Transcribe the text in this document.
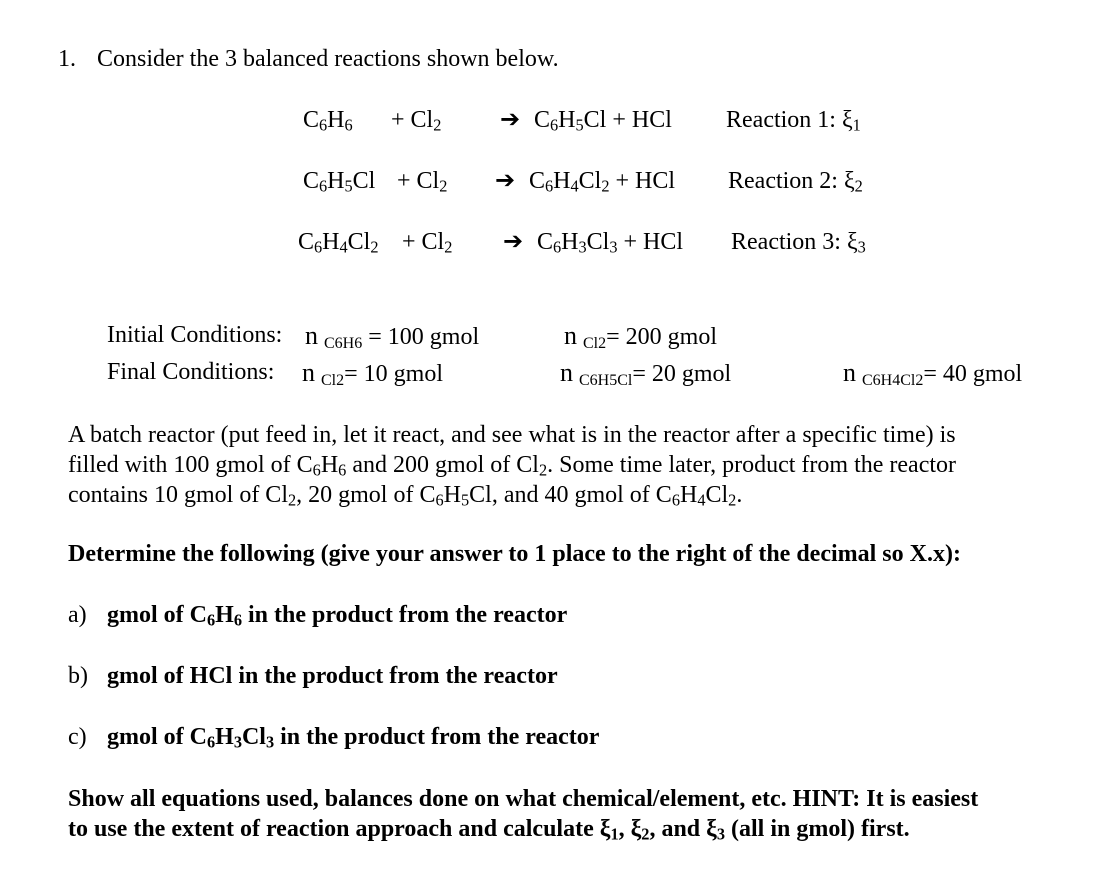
1. Consider the 3 balanced reactions shown below.
$C_6H_6 + Cl_2$ ➔ $C_6H_5Cl$ + HCl Reaction 1: $\xi_1$
$C_6H_5Cl + Cl_2$ ➔ $C_6H_4Cl_2$ + HCl Reaction 2: $\xi_2$
$C_6H_4Cl_2 + Cl_2$ ➔ $C_6H_3Cl_3$ + HCl Reaction 3: $\xi_3$
Initial Conditions: n C6H6 = 100 gmol	n Cl2= 200 gmol
Final Conditions: n Cl2= 10 gmol	n C6H5Cl= 20 gmol	n C6H4Cl2= 40 gmol
A batch reactor (put feed in, let it react, and see what is in the reactor after a specific time) is
filled with 100 gmol of $C_6H_6$ and 200 gmol of $Cl_2$. Some time later, product from the reactor
contains 10 gmol of $Cl_2$, 20 gmol of $C_6H_5Cl$, and 40 gmol of $C_6H_4Cl_2$.
Determine the following (give your answer to 1 place to the right of the decimal so X.x):
a) gmol of $C_6H_6$ in the product from the reactor
b) gmol of HCl in the product from the reactor
c) gmol of $C_6H_3Cl_3$ in the product from the reactor
Show all equations used, balances done on what chemical/element, etc. HINT: It is easiest
to use the extent of reaction approach and calculate $\xi_1$, $\xi_2$, and $\xi_3$ (all in gmol) first.
